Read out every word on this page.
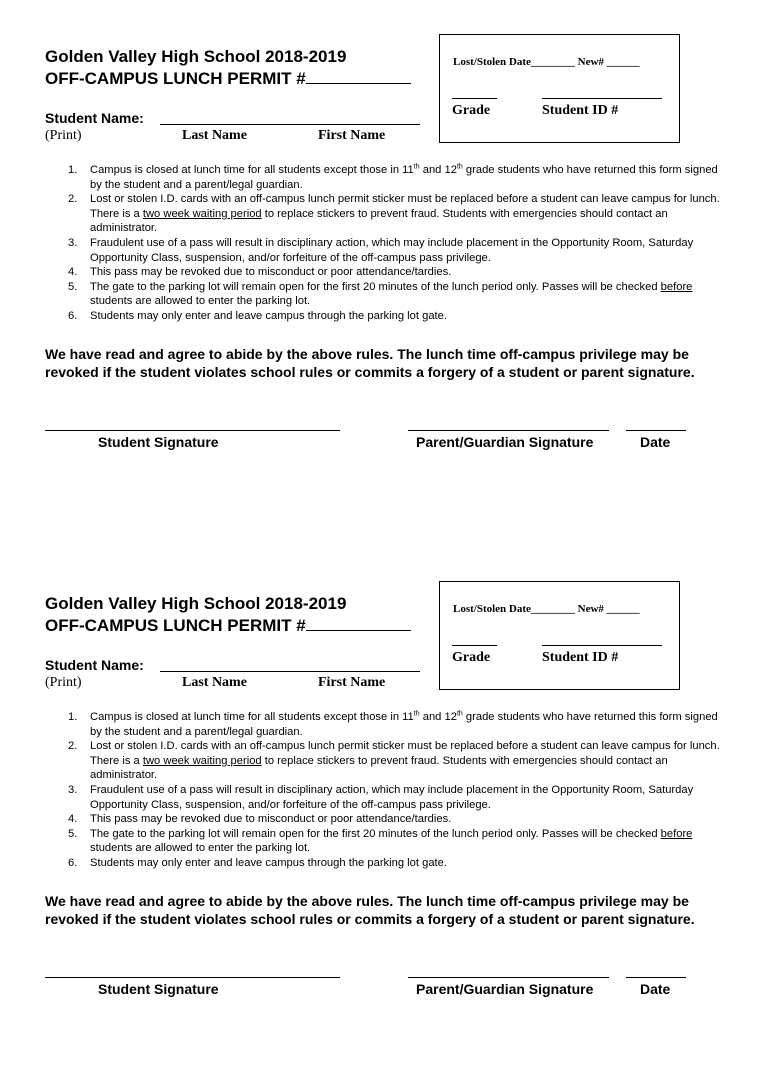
Golden Valley High School 2018-2019
OFF-CAMPUS LUNCH PERMIT #
Student Name:
(Print)	Last Name	First Name
Lost/Stolen Date________ New# ______
Grade	Student ID #
1. Campus is closed at lunch time for all students except those in 11th and 12th grade students who have returned this form signed by the student and a parent/legal guardian.
2. Lost or stolen I.D. cards with an off-campus lunch permit sticker must be replaced before a student can leave campus for lunch. There is a two week waiting period to replace stickers to prevent fraud. Students with emergencies should contact an administrator.
3. Fraudulent use of a pass will result in disciplinary action, which may include placement in the Opportunity Room, Saturday Opportunity Class, suspension, and/or forfeiture of the off-campus pass privilege.
4. This pass may be revoked due to misconduct or poor attendance/tardies.
5. The gate to the parking lot will remain open for the first 20 minutes of the lunch period only. Passes will be checked before students are allowed to enter the parking lot.
6. Students may only enter and leave campus through the parking lot gate.
We have read and agree to abide by the above rules. The lunch time off-campus privilege may be revoked if the student violates school rules or commits a forgery of a student or parent signature.
Student Signature	Parent/Guardian Signature	Date
Golden Valley High School 2018-2019
OFF-CAMPUS LUNCH PERMIT #
Student Name:
(Print)	Last Name	First Name
Lost/Stolen Date________ New# ______
Grade	Student ID #
1. Campus is closed at lunch time for all students except those in 11th and 12th grade students who have returned this form signed by the student and a parent/legal guardian.
2. Lost or stolen I.D. cards with an off-campus lunch permit sticker must be replaced before a student can leave campus for lunch. There is a two week waiting period to replace stickers to prevent fraud. Students with emergencies should contact an administrator.
3. Fraudulent use of a pass will result in disciplinary action, which may include placement in the Opportunity Room, Saturday Opportunity Class, suspension, and/or forfeiture of the off-campus pass privilege.
4. This pass may be revoked due to misconduct or poor attendance/tardies.
5. The gate to the parking lot will remain open for the first 20 minutes of the lunch period only. Passes will be checked before students are allowed to enter the parking lot.
6. Students may only enter and leave campus through the parking lot gate.
We have read and agree to abide by the above rules. The lunch time off-campus privilege may be revoked if the student violates school rules or commits a forgery of a student or parent signature.
Student Signature	Parent/Guardian Signature	Date
